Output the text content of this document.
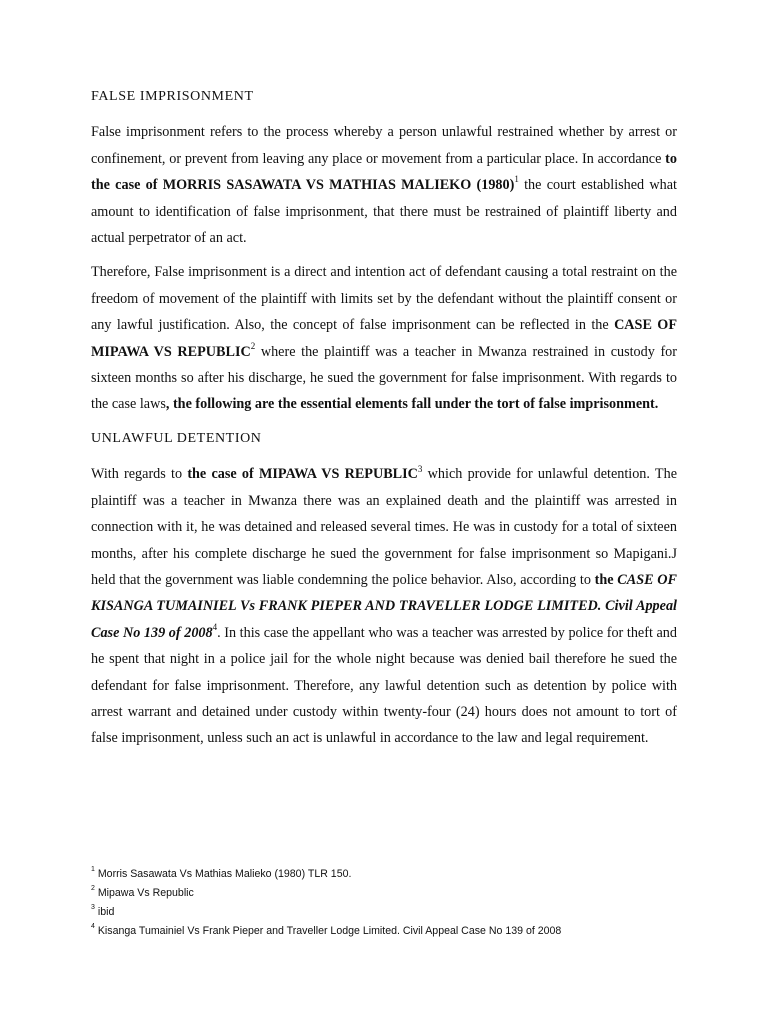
FALSE IMPRISONMENT

False imprisonment refers to the process whereby a person unlawful restrained whether by arrest or confinement, or prevent from leaving any place or movement from a particular place. In accordance to the case of MORRIS SASAWATA VS MATHIAS MALIEKO $(1980)^1$ the court established what amount to identification of false imprisonment, that there must be restrained of plaintiff liberty and actual perpetrator of an act.

Therefore, False imprisonment is a direct and intention act of defendant causing a total restraint on the freedom of movement of the plaintiff with limits set by the defendant without the plaintiff consent or any lawful justification. Also, the concept of false imprisonment can be reflected in the CASE OF MIPAWA VS REPUBLIC$^2$ where the plaintiff was a teacher in Mwanza restrained in custody for sixteen months so after his discharge, he sued the government for false imprisonment. With regards to the case laws, the following are the essential elements fall under the tort of false imprisonment.

UNLAWFUL DETENTION

With regards to the case of MIPAWA VS REPUBLIC$^3$ which provide for unlawful detention. The plaintiff was a teacher in Mwanza there was an explained death and the plaintiff was arrested in connection with it, he was detained and released several times. He was in custody for a total of sixteen months, after his complete discharge he sued the government for false imprisonment so Mapigani.J held that the government was liable condemning the police behavior. Also, according to the CASE OF KISANGA TUMAINIEL Vs FRANK PIEPER AND TRAVELLER LODGE LIMITED. Civil Appeal Case No 139 of 2008$^4$. In this case the appellant who was a teacher was arrested by police for theft and he spent that night in a police jail for the whole night because was denied bail therefore he sued the defendant for false imprisonment. Therefore, any lawful detention such as detention by police with arrest warrant and detained under custody within twenty-four (24) hours does not amount to tort of false imprisonment, unless such an act is unlawful in accordance to the law and legal requirement.

$^1$ Morris Sasawata Vs Mathias Malieko (1980) TLR 150.
$^2$ Mipawa Vs Republic
$^3$ ibid
$^4$ Kisanga Tumainiel Vs Frank Pieper and Traveller Lodge Limited. Civil Appeal Case No 139 of 2008
